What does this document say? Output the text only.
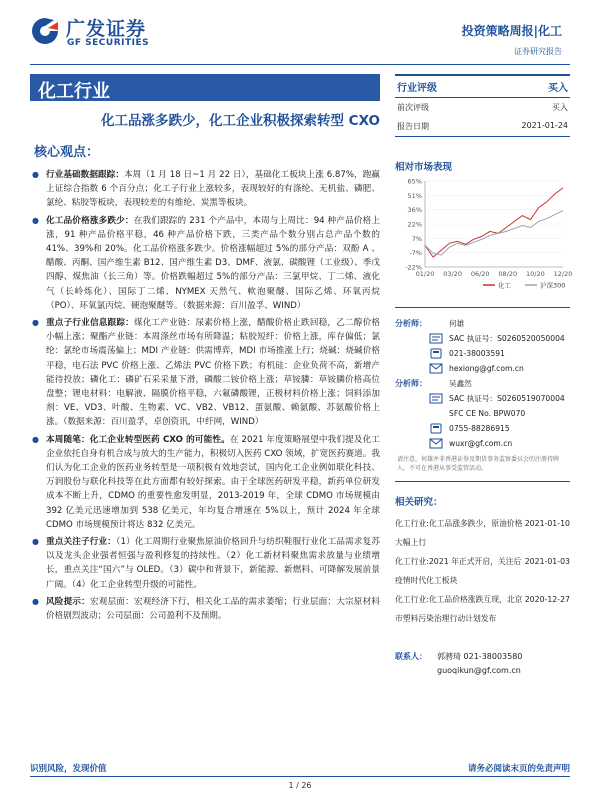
广发证券
GF SECURITIES
投资策略周报|化工
证券研究报告
化工行业
化工品涨多跌少，化工企业积极探索转型 CXO
核心观点：
● 行业基础数据跟踪：本周（1 月 18 日~1 月 22 日），基础化工板块上涨 6.87%，跑赢上证综合指数 6 个百分点；化工子行业上涨较多，表现较好的有涤纶、无机盐、磷肥、氯纶、粘胶等板块，表现较差的有维纶、炭黑等板块。
● 化工品价格涨多跌少：在我们跟踪的 231 个产品中，本周与上周比：94 种产品价格上涨，91 种产品价格平稳，46 种产品价格下跌，三类产品个数分别占总产品个数的 41%、39%和 20%。化工品价格涨多跌少。价格涨幅超过 5%的部分产品：双酚 A 、醋酸、丙酮、国产维生素 B12、国产维生素 D3、DMF、液氯、碳酸锂（工业级）、季戊四醇、煤焦油（长三角）等。价格跌幅超过 5%的部分产品：三氯甲烷、丁二烯、液化气（长岭炼化）、国际丁二烯、NYMEX 天然气、軟泡聚醚、国际乙烯、环氧丙烷（PO）、环氧氯丙烷、硬泡聚醚等。（数据来源：百川盈孚、WIND）
● 重点子行业信息跟踪：煤化工产业链：尿素价格上涨，醋酸价格止跌回稳，乙二醇价格小幅上涨；聚酯产业链：本周涤丝市场有所降温；粘胶短纤：价格上涨，库存偏低；氯纶：氯纶市场震荡偏上；MDI 产业链：供需博弈，MDI 市场推涨上行；烧碱：烧碱价格平稳，电石法 PVC 价格上涨、乙烯法 PVC 价格下跌；有机硅：企业负荷不高，新增产能待投放；磷化工：磷矿石采采量下滑，磷酸二铵价格上涨；草铵膦：草铵膦价格高位盘整；锂电材料：电解液、隔膜价格平稳，六氟磷酸锂，正极材料价格上涨；饲料添加剂：VE、VD3、叶酸、生物素、VC、VB2、VB12、蛋氨酸、赖氨酸、苏氨酸价格上涨。（数据来源：百川盈孚，卓创资讯，中纤网，WIND）
● 本周随笔：化工企业转型医药 CXO 的可能性。在 2021 年度策略展望中我们提及化工企业依托自身有机合成与放大的生产能力，积极切入医药 CXO 领域，扩宽医药赛道。我们认为化工企业的医药业务转型是一项积极有效地尝试，国内化工企业例如联化科技、万润股份与联化科技等在此方面都有较好探索。由于全球医药研发平稳，新药单位研发成本不断上升，CDMO 的重要性愈发明显，2013-2019 年，全球 CDMO 市场规模由 392 亿美元迅速增加到 538 亿美元，年均复合增速在 5%以上，预计 2024 年全球 CDMO 市场规模预计将达 832 亿美元。
● 重点关注子行业：（1）化工周期行业聚焦原油价格回升与纺织鞋服行业化工品需求复苏以及龙头企业强者恒强与盈利修复的持续性。（2）化工新材料聚焦需求放量与业绩增长，重点关注“国六”与 OLED。（3）碳中和背景下，新能源、新燃料、可降解发展前景广阔。（4）化工企业转型升级的可能性。
● 风险提示：宏观层面：宏观经济下行，相关化工品的需求萎缩；行业层面：大宗原材料价格剧烈波动；公司层面：公司盈利不及预期。
行业评级	买入
前次评级	买入
报告日期	2021-01-24
相对市场表现
65%
51%
36%
22%
7%
-7%
-22%
01/20 03/20 06/20 08/20 10/20 12/20
化工	沪深300
分析师：	何雄
SAC 执证号：S0260520050004
021-38003591
hexiong@gf.com.cn
分析师：	吴鑫然
SAC 执证号：S0260519070004
SFC CE No. BPW070
0755-88286915
wuxr@gf.com.cn
请注意，何雄并非香港证券及期货事务监察委员会的注册持牌人，不可在香港从事受监管活动。
相关研究：
化工行业:化工品涨多跌少，原油价格大幅上行
2021-01-10
化工行业:2021 年正式开启，关注后疫情时代化工板块
2021-01-03
化工行业:化工品价格涨跌互现，北京市塑料污染治理行动计划发布
2020-12-27
联系人：	郭骋琦 021-38003580
guoqikun@gf.com.cn
识别风险，发现价值	请务必阅读末页的免责声明
1 / 26
